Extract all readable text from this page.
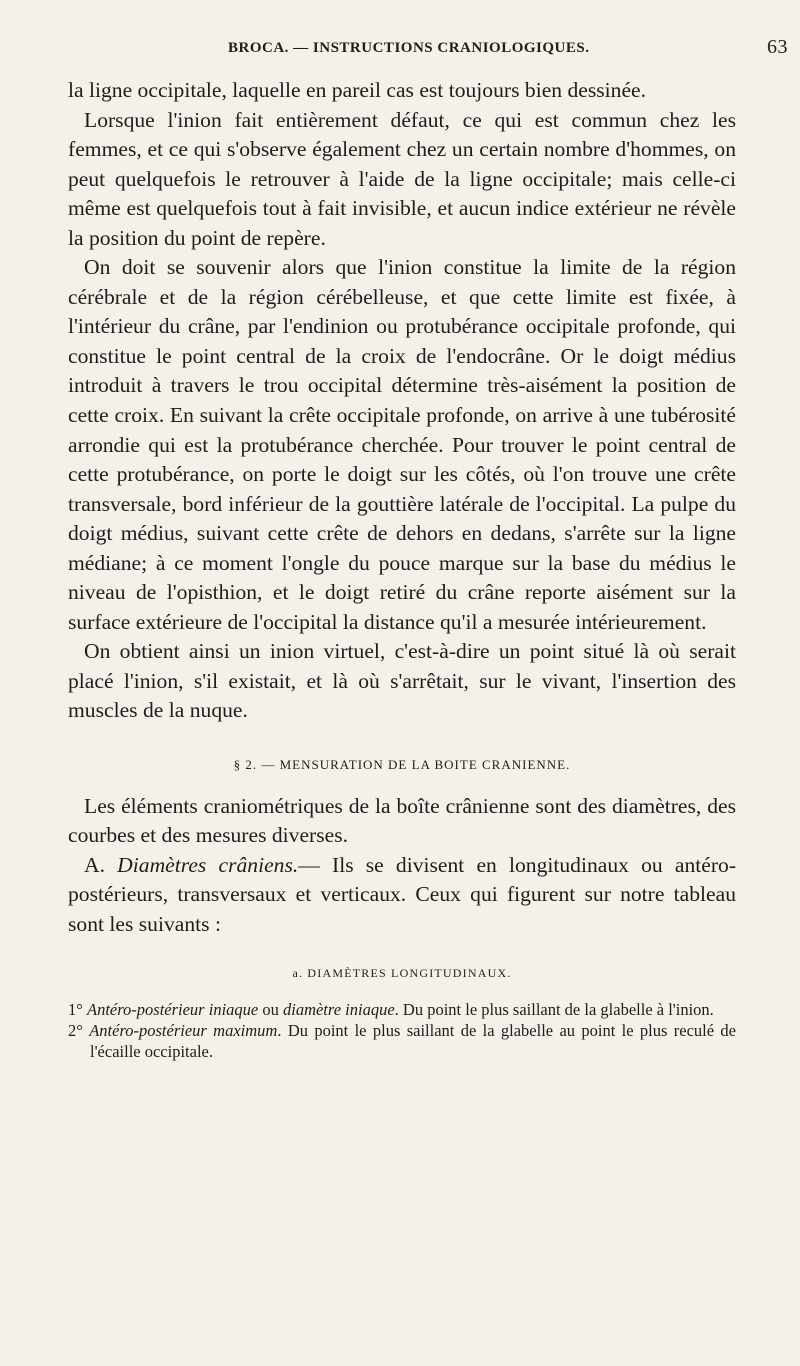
BROCA. — INSTRUCTIONS CRANIOLOGIQUES.	63

la ligne occipitale, laquelle en pareil cas est toujours bien dessinée.

Lorsque l'inion fait entièrement défaut, ce qui est commun chez les femmes, et ce qui s'observe également chez un certain nombre d'hommes, on peut quelquefois le retrouver à l'aide de la ligne occipitale; mais celle-ci même est quelquefois tout à fait invisible, et aucun indice extérieur ne révèle la position du point de repère.

On doit se souvenir alors que l'inion constitue la limite de la région cérébrale et de la région cérébelleuse, et que cette limite est fixée, à l'intérieur du crâne, par l'endinion ou protubérance occipitale profonde, qui constitue le point central de la croix de l'endocrâne. Or le doigt médius introduit à travers le trou occipital détermine très-aisément la position de cette croix. En suivant la crête occipitale profonde, on arrive à une tubérosité arrondie qui est la protubérance cherchée. Pour trouver le point central de cette protubérance, on porte le doigt sur les côtés, où l'on trouve une crête transversale, bord inférieur de la gouttière latérale de l'occipital. La pulpe du doigt médius, suivant cette crête de dehors en dedans, s'arrête sur la ligne médiane; à ce moment l'ongle du pouce marque sur la base du médius le niveau de l'opisthion, et le doigt retiré du crâne reporte aisément sur la surface extérieure de l'occipital la distance qu'il a mesurée intérieurement.

On obtient ainsi un inion virtuel, c'est-à-dire un point situé là où serait placé l'inion, s'il existait, et là où s'arrêtait, sur le vivant, l'insertion des muscles de la nuque.

§ 2. — MENSURATION DE LA BOITE CRANIENNE.

Les éléments craniométriques de la boîte crânienne sont des diamètres, des courbes et des mesures diverses.

A. Diamètres crâniens.— Ils se divisent en longitudinaux ou antéro-postérieurs, transversaux et verticaux. Ceux qui figurent sur notre tableau sont les suivants :

a. DIAMÈTRES LONGITUDINAUX.

1° Antéro-postérieur iniaque ou diamètre iniaque. Du point le plus saillant de la glabelle à l'inion.

2° Antéro-postérieur maximum. Du point le plus saillant de la glabelle au point le plus reculé de l'écaille occipitale.
